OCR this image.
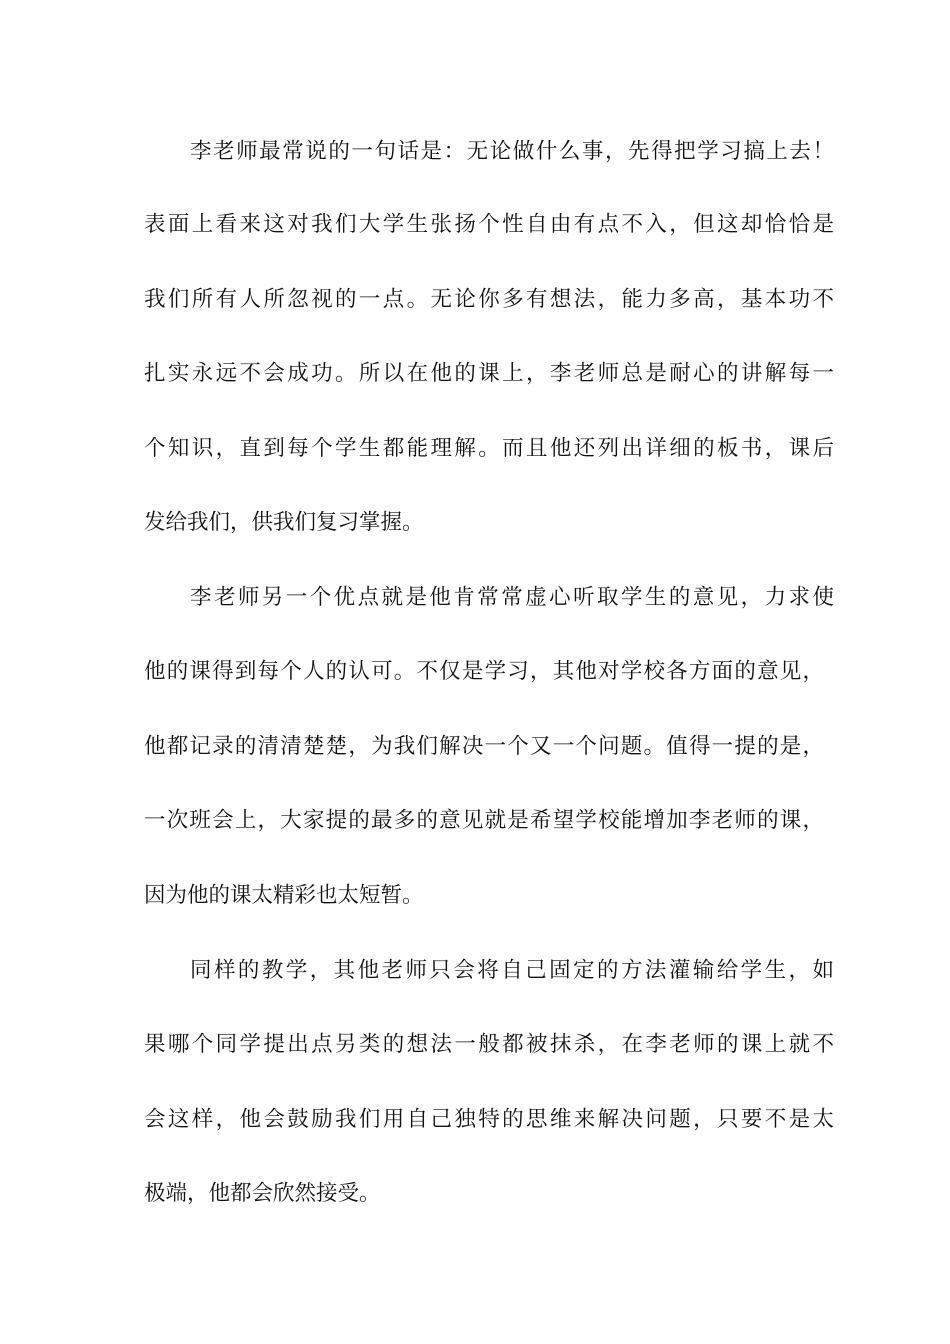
李老师最常说的一句话是：无论做什么事，先得把学习搞上去！
表面上看来这对我们大学生张扬个性自由有点不入，但这却恰恰是
我们所有人所忽视的一点。无论你多有想法，能力多高，基本功不
扎实永远不会成功。所以在他的课上，李老师总是耐心的讲解每一
个知识，直到每个学生都能理解。而且他还列出详细的板书，课后
发给我们，供我们复习掌握。
李老师另一个优点就是他肯常常虚心听取学生的意见，力求使
他的课得到每个人的认可。不仅是学习，其他对学校各方面的意见，
他都记录的清清楚楚，为我们解决一个又一个问题。值得一提的是，
一次班会上，大家提的最多的意见就是希望学校能增加李老师的课，
因为他的课太精彩也太短暂。
同样的教学，其他老师只会将自己固定的方法灌输给学生，如
果哪个同学提出点另类的想法一般都被抹杀，在李老师的课上就不
会这样，他会鼓励我们用自己独特的思维来解决问题，只要不是太
极端，他都会欣然接受。
